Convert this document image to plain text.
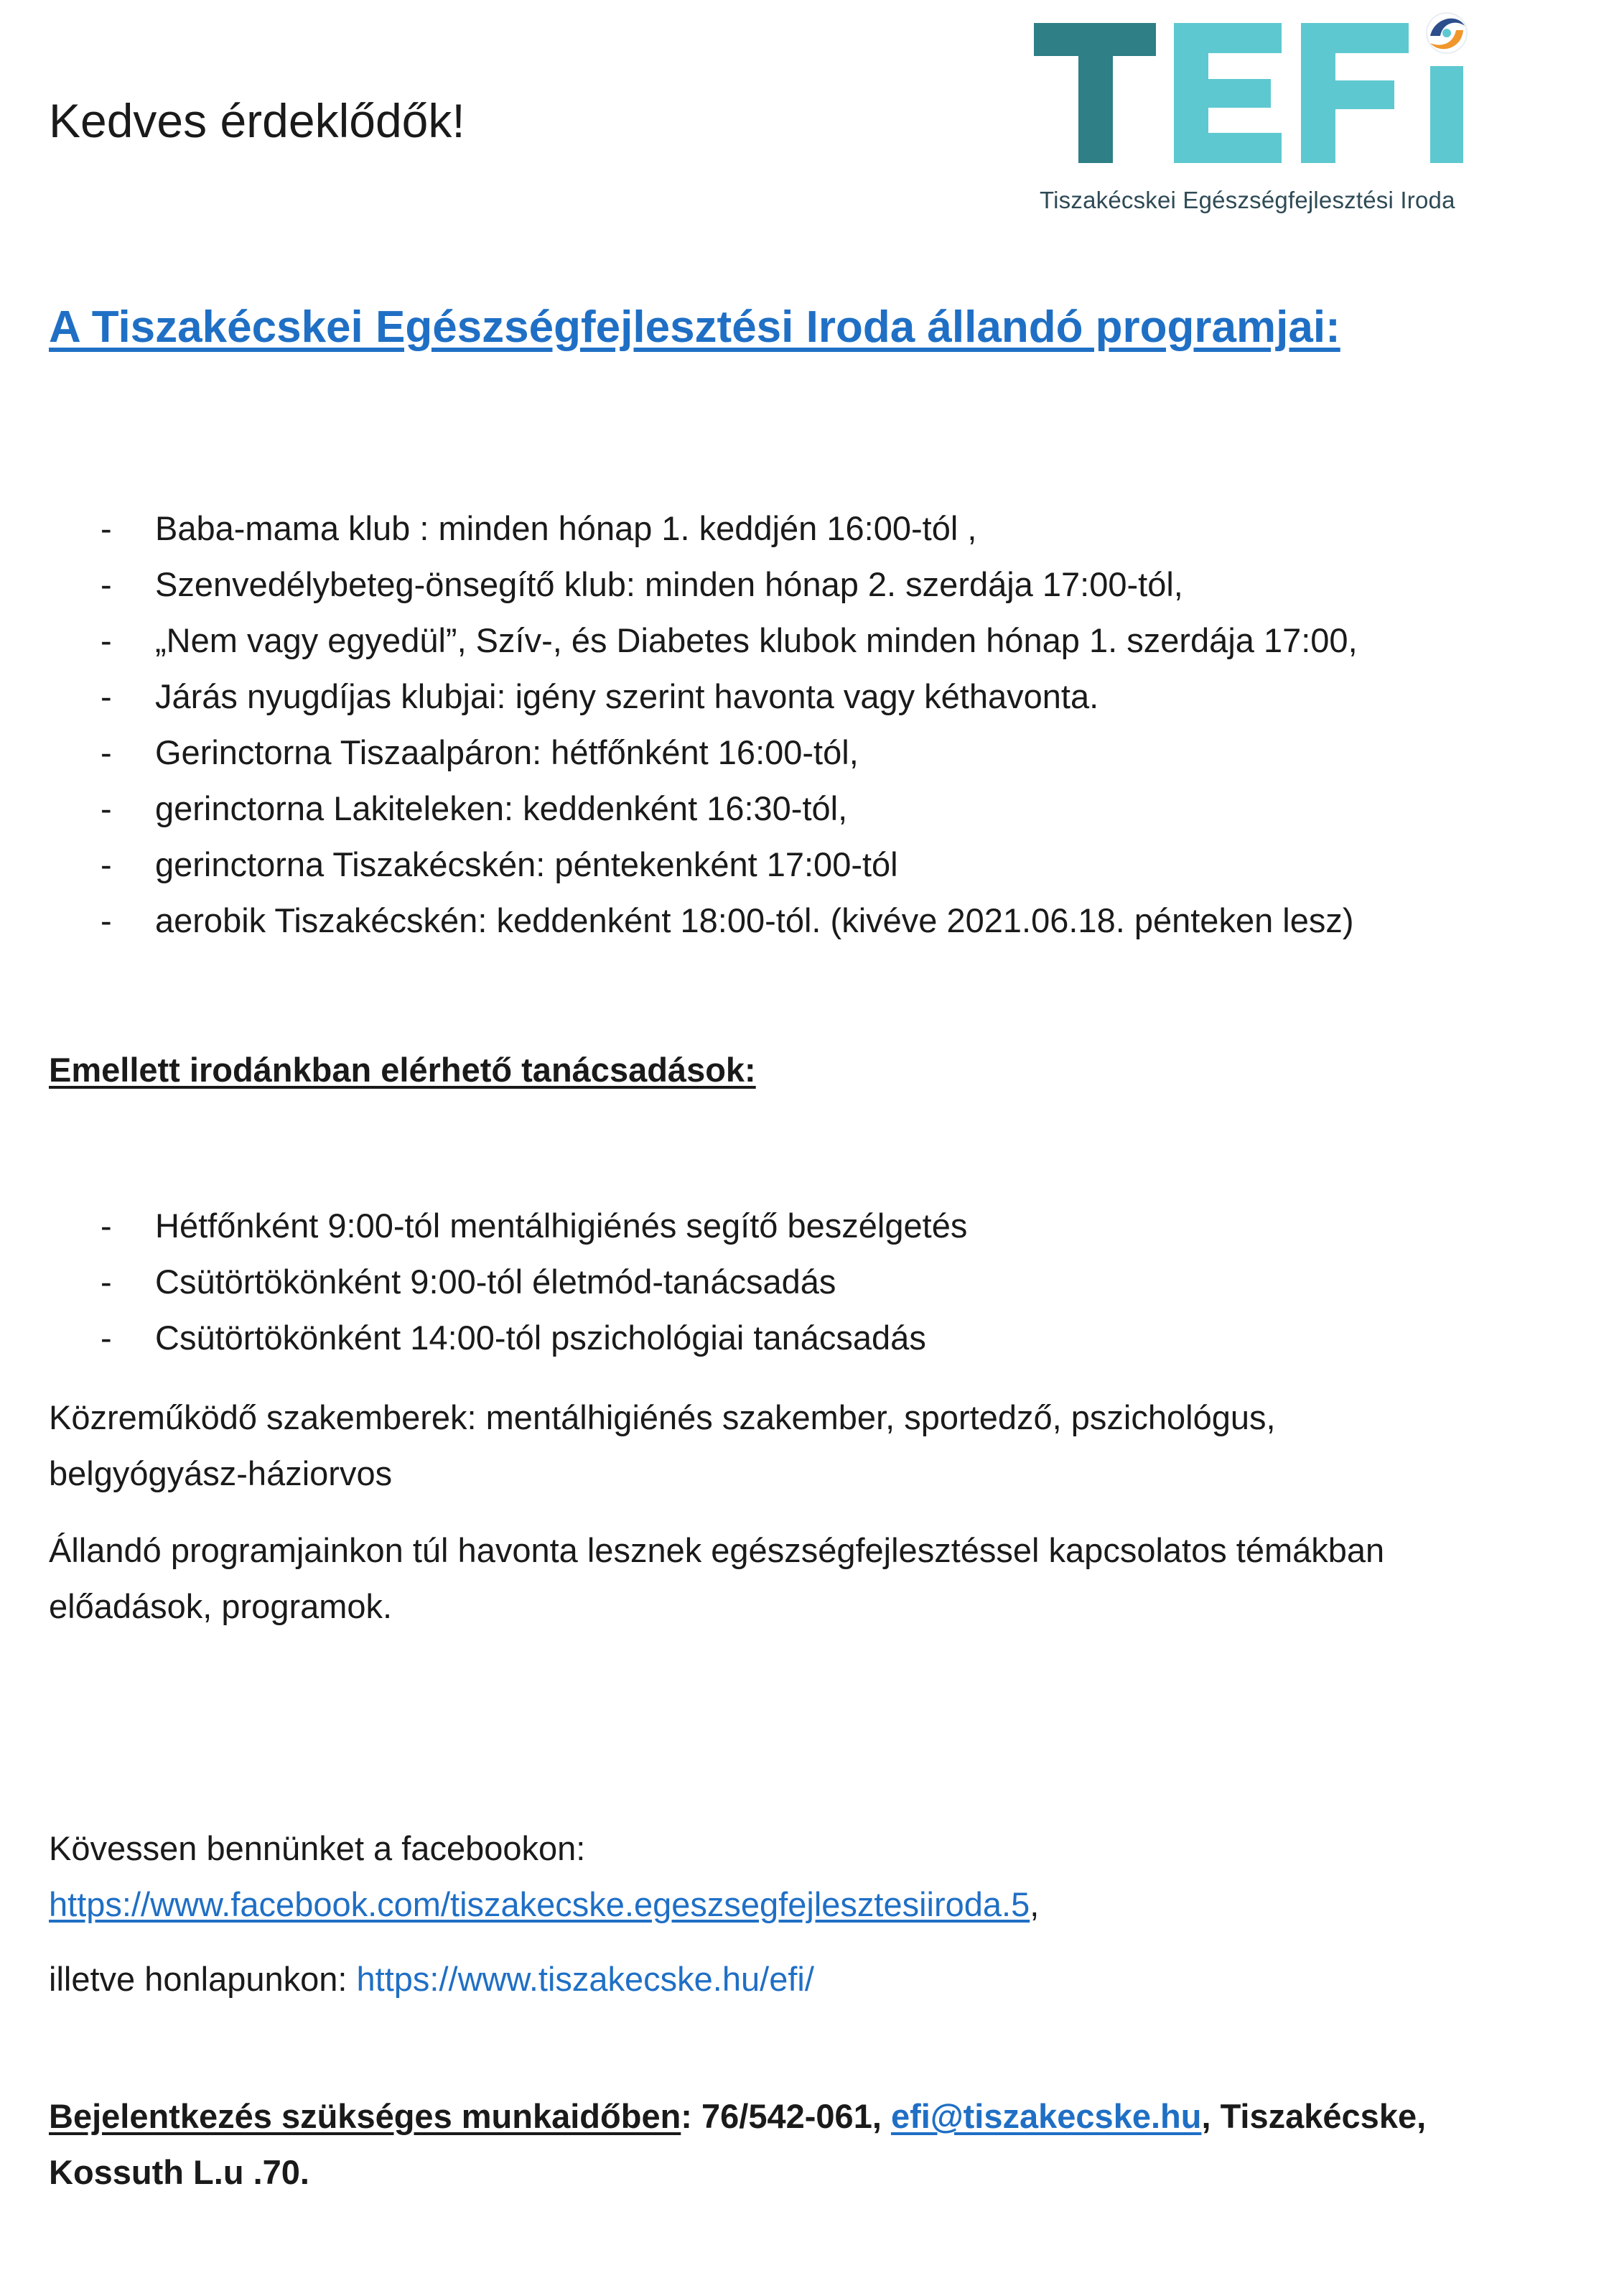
Kedves érdeklődők!
Tiszakécskei Egészségfejlesztési Iroda
A Tiszakécskei Egészségfejlesztési Iroda állandó programjai:
- Baba-mama klub : minden hónap 1. keddjén 16:00-tól ,
- Szenvedélybeteg-önsegítő klub: minden hónap 2. szerdája 17:00-tól,
- „Nem vagy egyedül”, Szív-, és Diabetes klubok minden hónap 1. szerdája 17:00,
- Járás nyugdíjas klubjai: igény szerint havonta vagy kéthavonta.
- Gerinctorna Tiszaalpáron: hétfőnként 16:00-tól,
- gerinctorna Lakiteleken: keddenként 16:30-tól,
- gerinctorna Tiszakécskén: péntekenként 17:00-tól
- aerobik Tiszakécskén: keddenként 18:00-tól. (kivéve 2021.06.18. pénteken lesz)
Emellett irodánkban elérhető tanácsadások:
- Hétfőnként 9:00-tól mentálhigiénés segítő beszélgetés
- Csütörtökönként 9:00-tól életmód-tanácsadás
- Csütörtökönként 14:00-tól pszichológiai tanácsadás
Közreműködő szakemberek: mentálhigiénés szakember, sportedző, pszichológus,
belgyógyász-háziorvos
Állandó programjainkon túl havonta lesznek egészségfejlesztéssel kapcsolatos témákban
előadások, programok.
Kövessen bennünket a facebookon:
https://www.facebook.com/tiszakecske.egeszsegfejlesztesiiroda.5,
illetve honlapunkon: https://www.tiszakecske.hu/efi/
Bejelentkezés szükséges munkaidőben: 76/542-061, efi@tiszakecske.hu, Tiszakécske,
Kossuth L.u .70.
